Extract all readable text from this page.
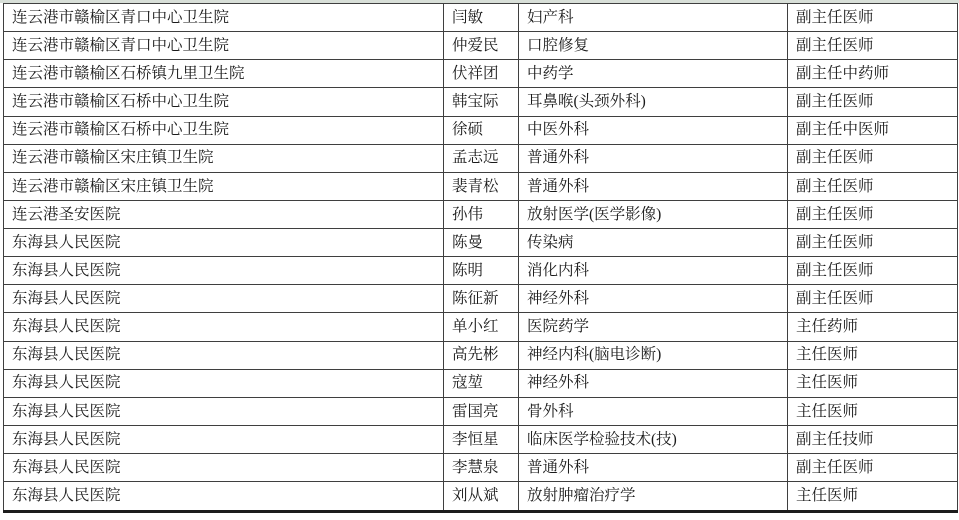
连云港市赣榆区青口中心卫生院	闫敏	妇产科	副主任医师
连云港市赣榆区青口中心卫生院	仲爱民	口腔修复	副主任医师
连云港市赣榆区石桥镇九里卫生院	伏祥团	中药学	副主任中药师
连云港市赣榆区石桥中心卫生院	韩宝际	耳鼻喉(头颈外科)	副主任医师
连云港市赣榆区石桥中心卫生院	徐硕	中医外科	副主任中医师
连云港市赣榆区宋庄镇卫生院	孟志远	普通外科	副主任医师
连云港市赣榆区宋庄镇卫生院	裴青松	普通外科	副主任医师
连云港圣安医院	孙伟	放射医学(医学影像)	副主任医师
东海县人民医院	陈曼	传染病	副主任医师
东海县人民医院	陈明	消化内科	副主任医师
东海县人民医院	陈征新	神经外科	副主任医师
东海县人民医院	单小红	医院药学	主任药师
东海县人民医院	高先彬	神经内科(脑电诊断)	主任医师
东海县人民医院	寇堃	神经外科	主任医师
东海县人民医院	雷国亮	骨外科	主任医师
东海县人民医院	李恒星	临床医学检验技术(技)	副主任技师
东海县人民医院	李慧泉	普通外科	副主任医师
东海县人民医院	刘从斌	放射肿瘤治疗学	主任医师
